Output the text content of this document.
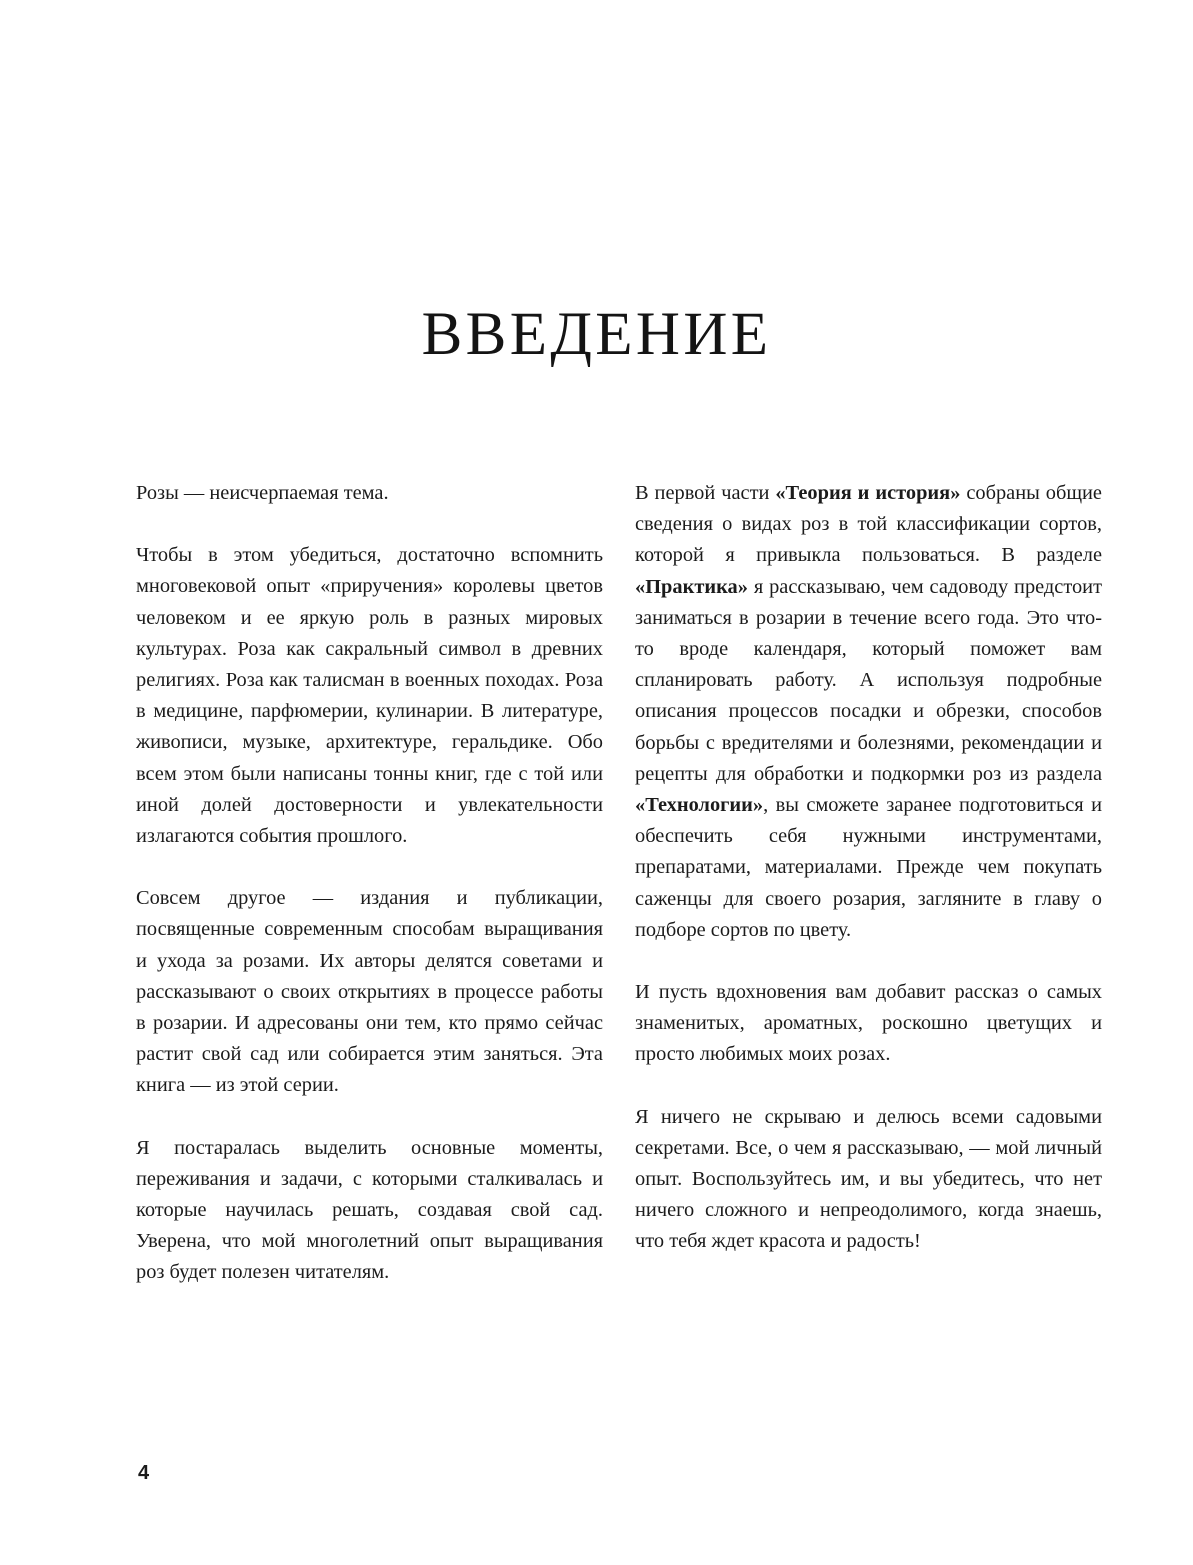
ВВЕДЕНИЕ

Розы — неисчерпаемая тема.

Чтобы в этом убедиться, достаточно вспомнить многовековой опыт «приручения» королевы цветов человеком и ее яркую роль в разных мировых культурах. Роза как сакральный символ в древних религиях. Роза как талисман в военных походах. Роза в медицине, парфюмерии, кулинарии. В литературе, живописи, музыке, архитектуре, геральдике. Обо всем этом были написаны тонны книг, где с той или иной долей достоверности и увлекательности излагаются события прошлого.

Совсем другое — издания и публикации, посвященные современным способам выращивания и ухода за розами. Их авторы делятся советами и рассказывают о своих открытиях в процессе работы в розарии. И адресованы они тем, кто прямо сейчас растит свой сад или собирается этим заняться. Эта книга — из этой серии.

Я постаралась выделить основные моменты, переживания и задачи, с которыми сталкивалась и которые научилась решать, создавая свой сад. Уверена, что мой многолетний опыт выращивания роз будет полезен читателям.

В первой части «Теория и история» собраны общие сведения о видах роз в той классификации сортов, которой я привыкла пользоваться. В разделе «Практика» я рассказываю, чем садоводу предстоит заниматься в розарии в течение всего года. Это что-то вроде календаря, который поможет вам спланировать работу. А используя подробные описания процессов посадки и обрезки, способов борьбы с вредителями и болезнями, рекомендации и рецепты для обработки и подкормки роз из раздела «Технологии», вы сможете заранее подготовиться и обеспечить себя нужными инструментами, препаратами, материалами. Прежде чем покупать саженцы для своего розария, загляните в главу о подборе сортов по цвету.

И пусть вдохновения вам добавит рассказ о самых знаменитых, ароматных, роскошно цветущих и просто любимых моих розах.

Я ничего не скрываю и делюсь всеми садовыми секретами. Все, о чем я рассказываю, — мой личный опыт. Воспользуйтесь им, и вы убедитесь, что нет ничего сложного и непреодолимого, когда знаешь, что тебя ждет красота и радость!

4
